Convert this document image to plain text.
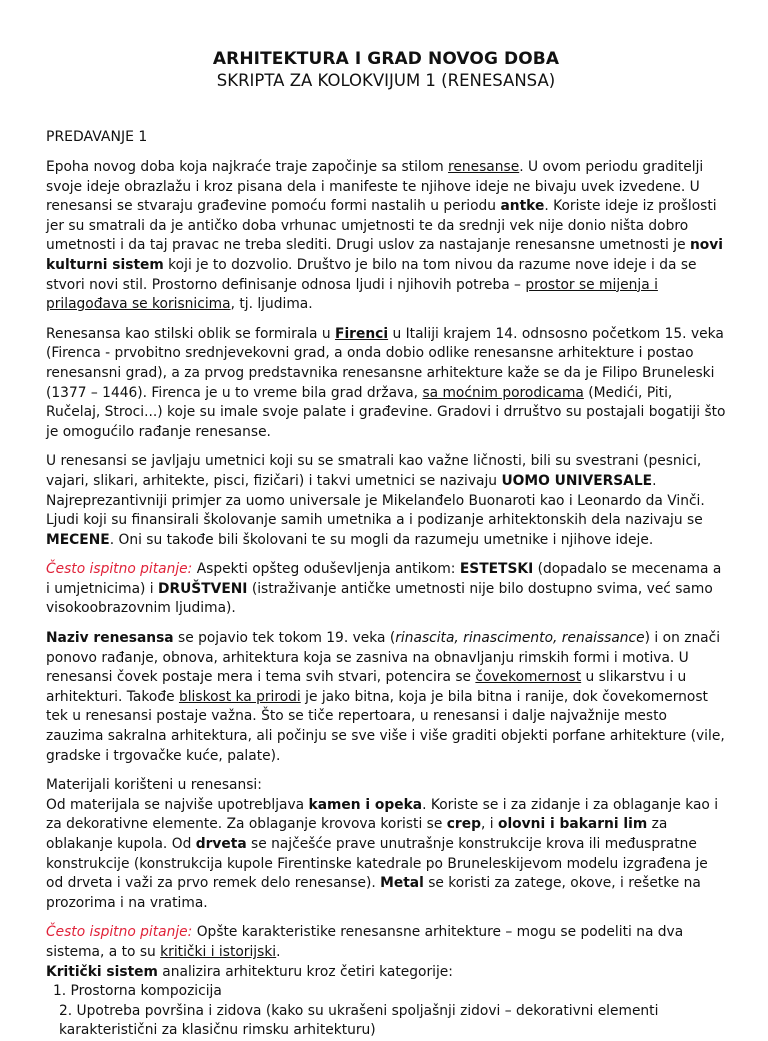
ARHITEKTURA I GRAD NOVOG DOBA
SKRIPTA ZA KOLOKVIJUM 1 (RENESANSA)
PREDAVANJE 1

Epoha novog doba koja najkraće traje započinje sa stilom renesanse. U ovom periodu graditelji svoje ideje obrazlažu i kroz pisana dela i manifeste te njihove ideje ne bivaju uvek izvedene. U renesansi se stvaraju građevine pomoću formi nastalih u periodu antke. Koriste ideje iz prošlosti jer su smatrali da je antičko doba vrhunac umjetnosti te da srednji vek nije donio ništa dobro umetnosti i da taj pravac ne treba slediti. Drugi uslov za nastajanje renesansne umetnosti je novi kulturni sistem koji je to dozvolio. Društvo je bilo na tom nivou da razume nove ideje i da se stvori novi stil. Prostorno definisanje odnosa ljudi i njihovih potreba – prostor se mijenja i prilagođava se korisnicima, tj. ljudima.

Renesansa kao stilski oblik se formirala u Firenci u Italiji krajem 14. odnsosno početkom 15. veka (Firenca - prvobitno srednjevekovni grad, a onda dobio odlike renesansne arhitekture i postao renesansni grad), a za prvog predstavnika renesansne arhitekture kaže se da je Filipo Bruneleski (1377 – 1446). Firenca je u to vreme bila grad država, sa moćnim porodicama (Medići, Piti, Ručelaj, Stroci...) koje su imale svoje palate i građevine. Gradovi i drruštvo su postajali bogatiji što je omogućilo rađanje renesanse.

U renesansi se javljaju umetnici koji su se smatrali kao važne ličnosti, bili su svestrani (pesnici, vajari, slikari, arhitekte, pisci, fizičari) i takvi umetnici se nazivaju UOMO UNIVERSALE. Najreprezantivniji primjer za uomo universale je Mikelanđelo Buonaroti kao i Leonardo da Vinči.
Ljudi koji su finansirali školovanje samih umetnika a i podizanje arhitektonskih dela nazivaju se MECENE. Oni su takođe bili školovani te su mogli da razumeju umetnike i njihove ideje.

Često ispitno pitanje: Aspekti opšteg oduševljenja antikom: ESTETSKI (dopadalo se mecenama a i umjetnicima) i DRUŠTVENI (istraživanje antičke umetnosti nije bilo dostupno svima, već samo visokoobrazovnim ljudima).

Naziv renesansa se pojavio tek tokom 19. veka (rinascita, rinascimento, renaissance) i on znači ponovo rađanje, obnova, arhitektura koja se zasniva na obnavljanju rimskih formi i motiva. U renesansi čovek postaje mera i tema svih stvari, potencira se čovekomernost u slikarstvu i u arhitekturi. Takođe bliskost ka prirodi je jako bitna, koja je bila bitna i ranije, dok čovekomernost tek u renesansi postaje važna. Što se tiče repertoara, u renesansi i dalje najvažnije mesto zauzima sakralna arhitektura, ali počinju se sve više i više graditi objekti porfane arhitekture (vile, gradske i trgovačke kuće, palate).

Materijali korišteni u renesansi:
Od materijala se najviše upotrebljava kamen i opeka. Koriste se i za zidanje i za oblaganje kao i za dekorativne elemente. Za oblaganje krovova koristi se crep, i olovni i bakarni lim za oblakanje kupola. Od drveta se najčešće prave unutrašnje konstrukcije krova ili međuspratne konstrukcije (konstrukcija kupole Firentinske katedrale po Bruneleskijevom modelu izgrađena je od drveta i važi za prvo remek delo renesanse). Metal se koristi za zatege, okove, i rešetke na prozorima i na vratima.

Često ispitno pitanje: Opšte karakteristike renesansne arhitekture – mogu se podeliti na dva sistema, a to su kritički i istorijski.
Kritički sistem analizira arhitekturu kroz četiri kategorije:

1. Prostorna kompozicija
2. Upotreba površina i zidova (kako su ukrašeni spoljašnji zidovi – dekorativni elementi karakteristični za klasičnu rimsku arhitekturu)
